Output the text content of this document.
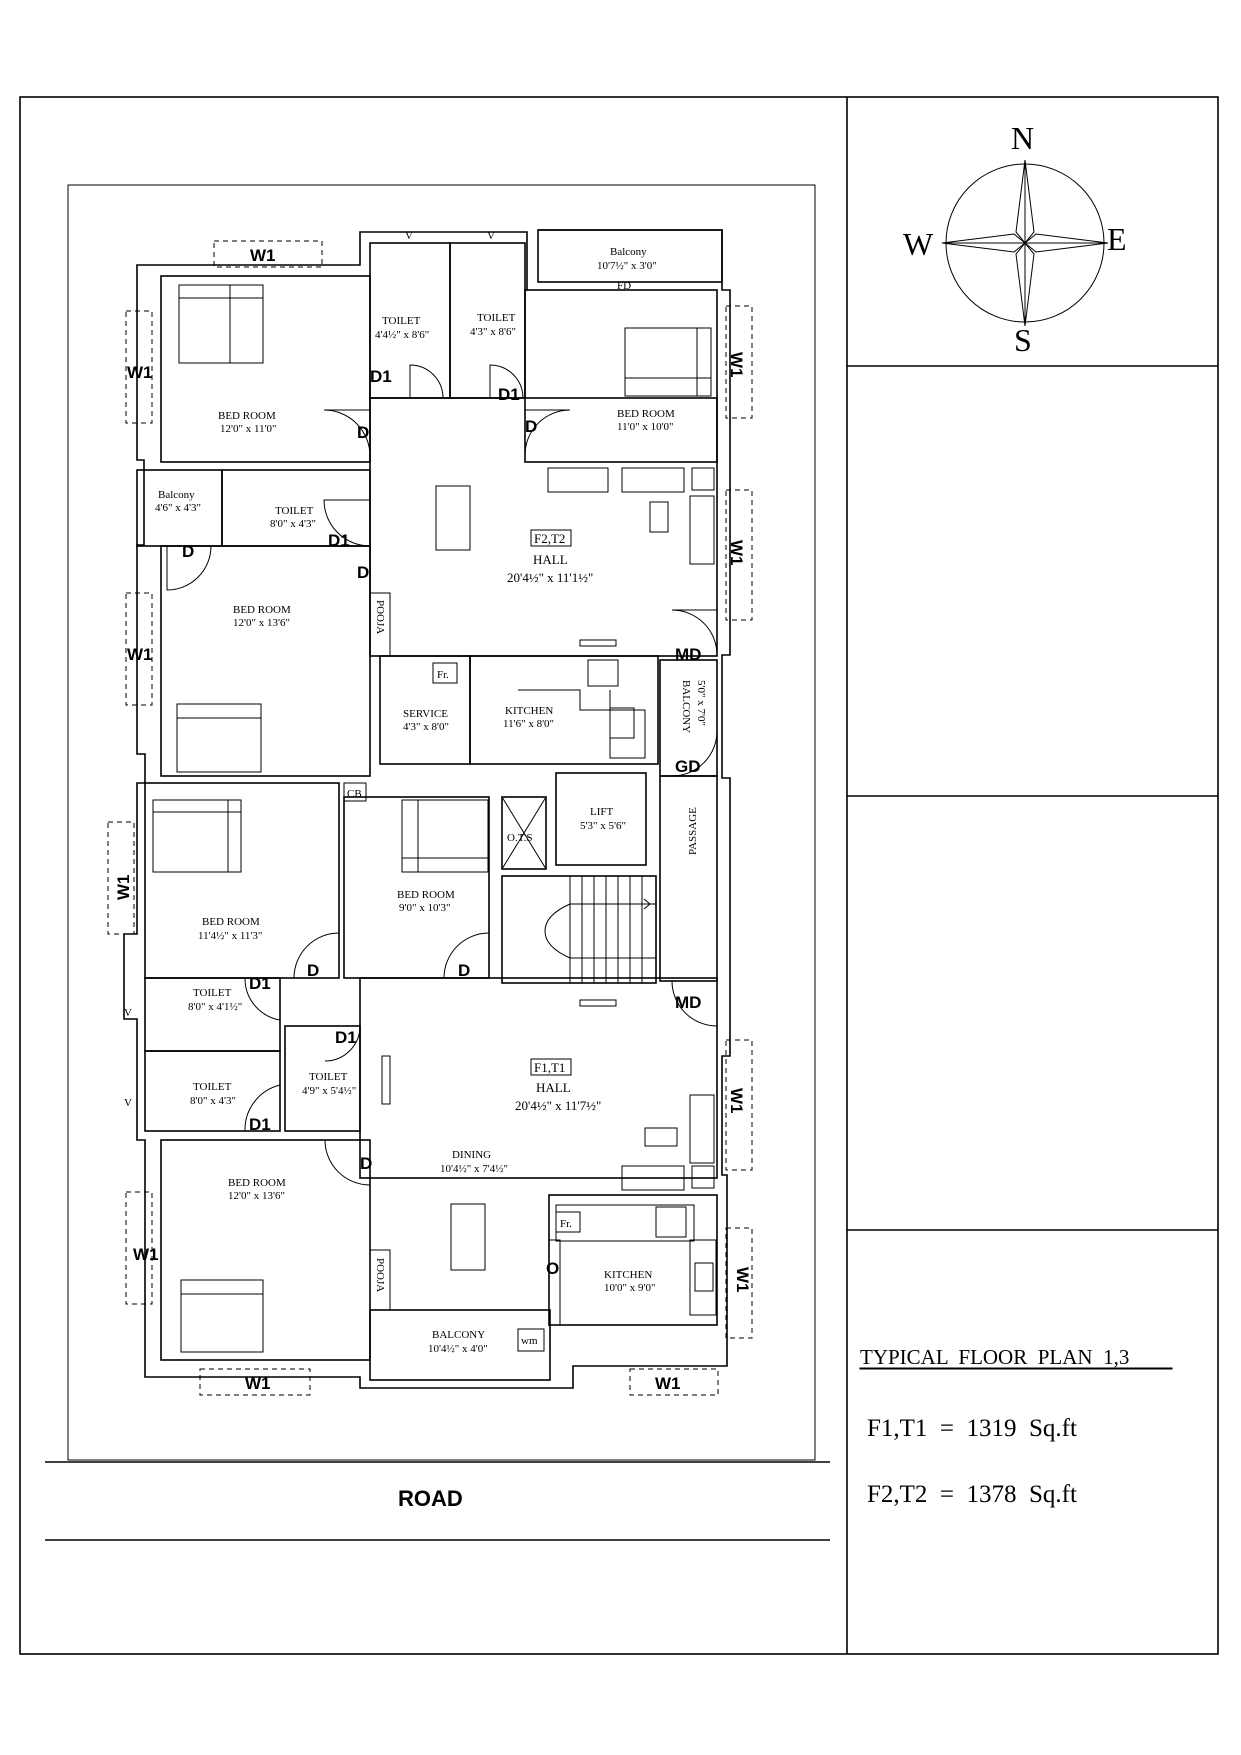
N
S
W	E
W1
W1
W1
W1
W1	W1
V	V
V
V
Balcony
10'7½" x 3'0"
FD
TOILET
4'4½" x 8'6"
TOILET
4'3" x 8'6"
D1
D1
D	D
BED ROOM
12'0" x 11'0"
BED ROOM
11'0" x 10'0"
W1
W1
Balcony
4'6" x 4'3"	TOILET
8'0" x 4'3"
D1
D
D
F2,T2
HALL
20'4½" x 11'1½"
BED ROOM
12'0" x 13'6"	POOJA
Fr.
SERVICE
4'3" x 8'0"
KITCHEN
11'6" x 8'0"	BALCONY 5'0" x 7'0"
MD
GD
CB
O.T.S
LIFT
5'3" x 5'6"	PASSAGE
W1
BED ROOM
11'4½" x 11'3"
BED ROOM
9'0" x 10'3"
D	D
MD
TOILET
8'0" x 4'1½"
D1
D1
TOILET
8'0" x 4'3"
D1
TOILET
4'9" x 5'4½"
F1,T1
HALL
20'4½" x 11'7½"	W1
DINING
10'4½" x 7'4½"
D
BED ROOM
12'0" x 13'6"
POOJA
Fr.
O	KITCHEN
10'0" x 9'0"	W1
BALCONY
10'4½" x 4'0"
wm
ROAD
TYPICAL  FLOOR  PLAN  1,3
F1,T1  =  1319  Sq.ft
F2,T2  =  1378  Sq.ft
